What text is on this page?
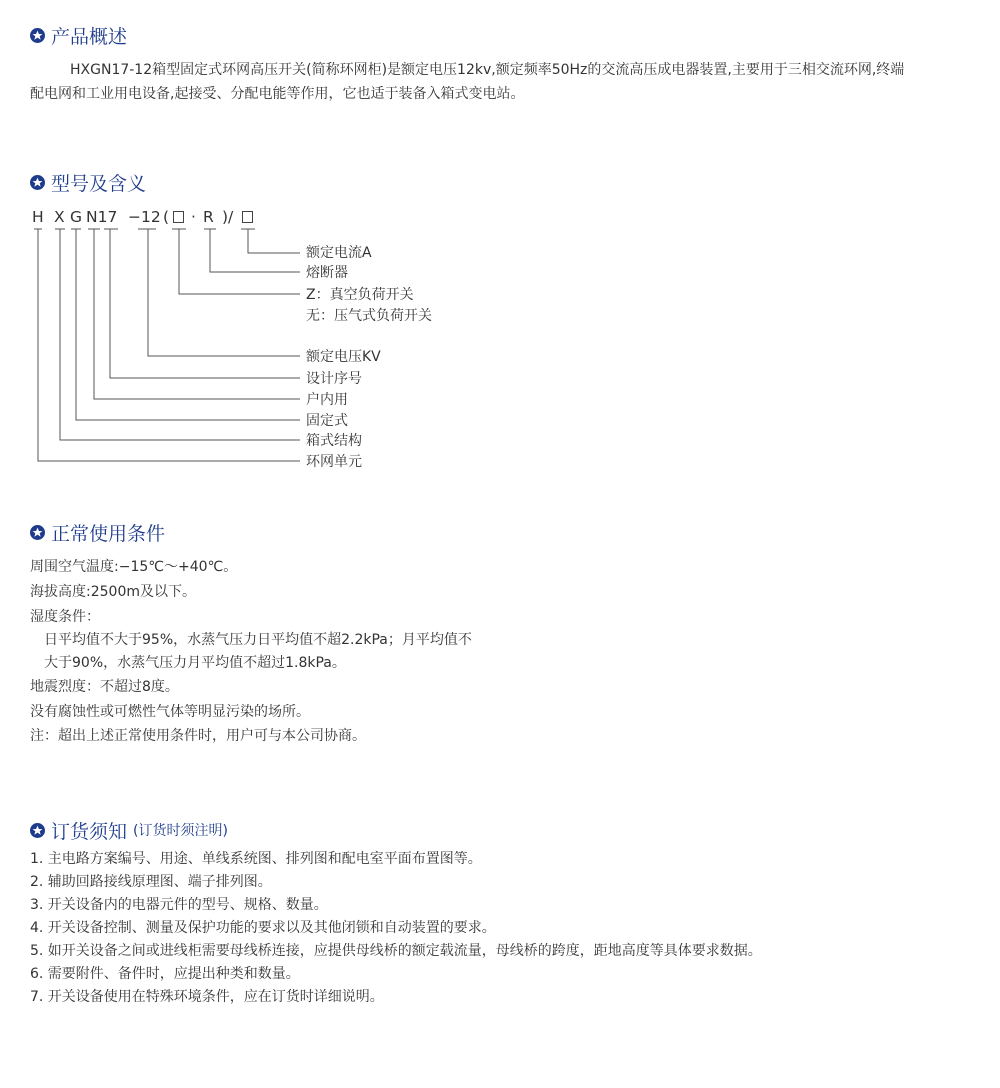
产品概述
HXGN17-12箱型固定式环网高压开关(简称环网柜)是额定电压12kv,额定频率50Hz的交流高压成电器装置,主要用于三相交流环网,终端
配电网和工业用电设备,起接受、分配电能等作用，它也适于装备入箱式变电站。
型号及含义
H X G N17 −12 ( · R )/
额定电流A
熔断器
Z：真空负荷开关
无：压气式负荷开关
额定电压KV
设计序号
户内用
固定式
箱式结构
环网单元
正常使用条件
周围空气温度:−15℃～+40℃。
海拔高度:2500m及以下。
湿度条件：
日平均值不大于95%，水蒸气压力日平均值不超2.2kPa；月平均值不
大于90%，水蒸气压力月平均值不超过1.8kPa。
地震烈度：不超过8度。
没有腐蚀性或可燃性气体等明显污染的场所。
注：超出上述正常使用条件时，用户可与本公司协商。
订货须知 (订货时须注明)
1. 主电路方案编号、用途、单线系统图、排列图和配电室平面布置图等。
2. 辅助回路接线原理图、端子排列图。
3. 开关设备内的电器元件的型号、规格、数量。
4. 开关设备控制、测量及保护功能的要求以及其他闭锁和自动装置的要求。
5. 如开关设备之间或进线柜需要母线桥连接，应提供母线桥的额定载流量，母线桥的跨度，距地高度等具体要求数据。
6. 需要附件、备件时，应提出种类和数量。
7. 开关设备使用在特殊环境条件，应在订货时详细说明。
